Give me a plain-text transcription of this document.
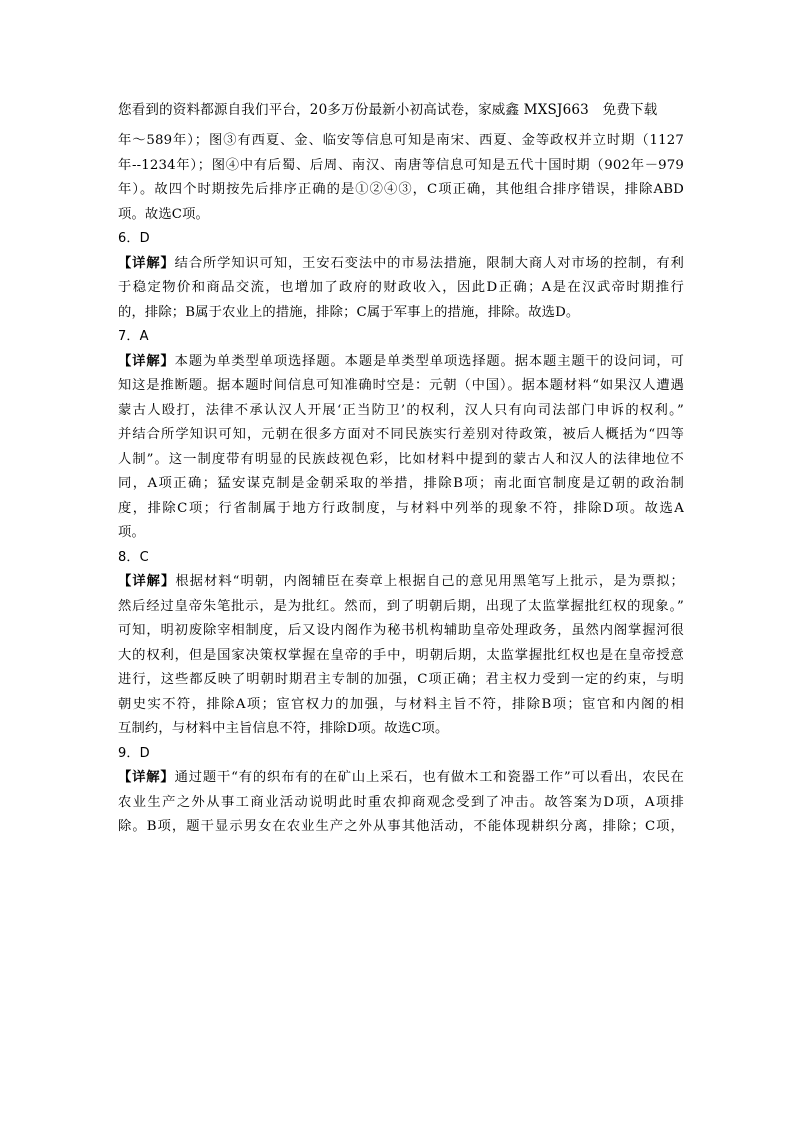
您看到的资料都源自我们平台，20多万份最新小初高试卷，家威鑫 MXSJ663　免费下载
年～589年）；图③有西夏、金、临安等信息可知是南宋、西夏、金等政权并立时期（1127
年--1234年）；图④中有后蜀、后周、南汉、南唐等信息可知是五代十国时期（902年－979
年）。故四个时期按先后排序正确的是①②④③，C项正确，其他组合排序错误，排除ABD
项。故选C项。
6．D
【详解】结合所学知识可知，王安石变法中的市易法措施，限制大商人对市场的控制，有利
于稳定物价和商品交流，也增加了政府的财政收入，因此D正确；A是在汉武帝时期推行
的，排除；B属于农业上的措施，排除；C属于军事上的措施，排除。故选D。
7．A
【详解】本题为单类型单项选择题。本题是单类型单项选择题。据本题主题干的设问词，可
知这是推断题。据本题时间信息可知准确时空是：元朝（中国）。据本题材料“如果汉人遭遇
蒙古人殴打，法律不承认汉人开展‘正当防卫’的权利，汉人只有向司法部门申诉的权利。”
并结合所学知识可知，元朝在很多方面对不同民族实行差别对待政策，被后人概括为“四等
人制”。这一制度带有明显的民族歧视色彩，比如材料中提到的蒙古人和汉人的法律地位不
同，A项正确；猛安谋克制是金朝采取的举措，排除B项；南北面官制度是辽朝的政治制
度，排除C项；行省制属于地方行政制度，与材料中列举的现象不符，排除D项。故选A
项。
8．C
【详解】根据材料“明朝，内阁辅臣在奏章上根据自己的意见用黑笔写上批示，是为票拟；
然后经过皇帝朱笔批示，是为批红。然而，到了明朝后期，出现了太监掌握批红权的现象。”
可知，明初废除宰相制度，后又设内阁作为秘书机构辅助皇帝处理政务，虽然内阁掌握河很
大的权利，但是国家决策权掌握在皇帝的手中，明朝后期，太监掌握批红权也是在皇帝授意
进行，这些都反映了明朝时期君主专制的加强，C项正确；君主权力受到一定的约束，与明
朝史实不符，排除A项；宦官权力的加强，与材料主旨不符，排除B项；宦官和内阁的相
互制约，与材料中主旨信息不符，排除D项。故选C项。
9．D
【详解】通过题干“有的织布有的在矿山上采石，也有做木工和瓷器工作”可以看出，农民在
农业生产之外从事工商业活动说明此时重农抑商观念受到了冲击。故答案为D项，A项排
除。B项，题干显示男女在农业生产之外从事其他活动，不能体现耕织分离，排除；C项，
